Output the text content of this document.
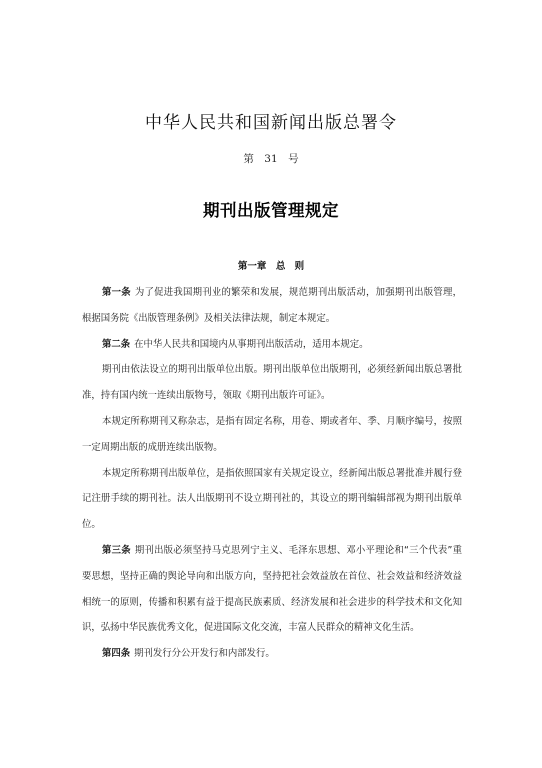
中华人民共和国新闻出版总署令
第　31　号
期刊出版管理规定
第一章　总 则

第一条 为了促进我国期刊业的繁荣和发展，规范期刊出版活动，加强期刊出版管理，根据国务院《出版管理条例》及相关法律法规，制定本规定。

第二条 在中华人民共和国境内从事期刊出版活动，适用本规定。

期刊由依法设立的期刊出版单位出版。期刊出版单位出版期刊，必须经新闻出版总署批准，持有国内统一连续出版物号，领取《期刊出版许可证》。

本规定所称期刊又称杂志，是指有固定名称，用卷、期或者年、季、月顺序编号，按照一定周期出版的成册连续出版物。

本规定所称期刊出版单位，是指依照国家有关规定设立，经新闻出版总署批准并履行登记注册手续的期刊社。法人出版期刊不设立期刊社的，其设立的期刊编辑部视为期刊出版单位。

第三条 期刊出版必须坚持马克思列宁主义、毛泽东思想、邓小平理论和“三个代表”重要思想，坚持正确的舆论导向和出版方向，坚持把社会效益放在首位、社会效益和经济效益相统一的原则，传播和积累有益于提高民族素质、经济发展和社会进步的科学技术和文化知识，弘扬中华民族优秀文化，促进国际文化交流，丰富人民群众的精神文化生活。

第四条 期刊发行分公开发行和内部发行。
